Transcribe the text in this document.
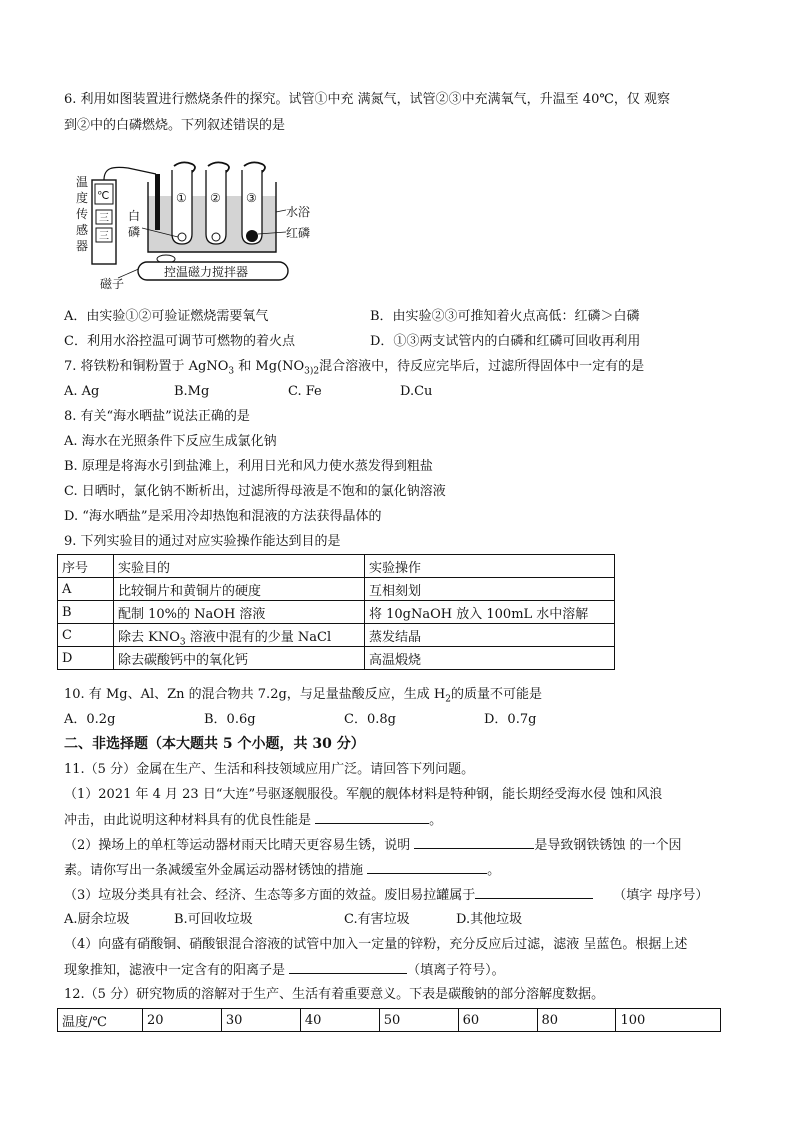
6. 利用如图装置进行燃烧条件的探究。试管①中充 满氮气，试管②③中充满氧气，升温至 40℃，仅 观察
到②中的白磷燃烧。下列叙述错误的是
温
度
传
感
器
℃
三
三
磁子
白
磷
① ② ③
水浴
红磷
控温磁力搅拌器
A．由实验①②可验证燃烧需要氧气	B．由实验②③可推知着火点高低：红磷＞白磷
C．利用水浴控温可调节可燃物的着火点	D．①③两支试管内的白磷和红磷可回收再利用
7. 将铁粉和铜粉置于 AgNO$_3$ 和 $Mg(NO_{3)2}$混合溶液中，待反应完毕后，过滤所得固体中一定有的是
A. Ag	B.Mg	C. Fe	D.Cu
8. 有关“海水晒盐”说法正确的是
A. 海水在光照条件下反应生成氯化钠
B. 原理是将海水引到盐滩上，利用日光和风力使水蒸发得到粗盐
C. 日晒时，氯化钠不断析出，过滤所得母液是不饱和的氯化钠溶液
D. “海水晒盐”是采用冷却热饱和混液的方法获得晶体的
9. 下列实验目的通过对应实验操作能达到目的是
序号	实验目的	实验操作
A	比较铜片和黄铜片的硬度	互相刻划
B	配制 10%的 NaOH 溶液	将 10gNaOH 放入 100mL 水中溶解
C	除去 $KNO_3$ 溶液中混有的少量 NaCl	蒸发结晶
D	除去碳酸钙中的氧化钙	高温煅烧
10. 有 Mg、Al、Zn 的混合物共 7.2g，与足量盐酸反应，生成 $H_2$的质量不可能是
A．0.2g	B．0.6g	C．0.8g	D．0.7g
二、非选择题（本大题共 5 个小题，共 30 分）
11.（5 分）金属在生产、生活和科技领域应用广泛。请回答下列问题。
（1）2021 年 4 月 23 日“大连”号驱逐舰服役。军舰的舰体材料是特种钢，能长期经受海水侵 蚀和风浪
冲击，由此说明这种材料具有的优良性能是	。
（2）操场上的单杠等运动器材雨天比晴天更容易生锈，说明	是导致钢铁锈蚀 的一个因
素。请你写出一条减缓室外金属运动器材锈蚀的措施	。
（3）垃圾分类具有社会、经济、生态等多方面的效益。废旧易拉罐属于	（填字 母序号）
A.厨余垃圾	B.可回收垃圾	C.有害垃圾	D.其他垃圾
（4）向盛有硝酸铜、硝酸银混合溶液的试管中加入一定量的锌粉，充分反应后过滤，滤液 呈蓝色。根据上述
现象推知，滤液中一定含有的阳离子是	（填离子符号）。
12.（5 分）研究物质的溶解对于生产、生活有着重要意义。下表是碳酸钠的部分溶解度数据。
温度/℃	20	30	40	50	60	80	100
